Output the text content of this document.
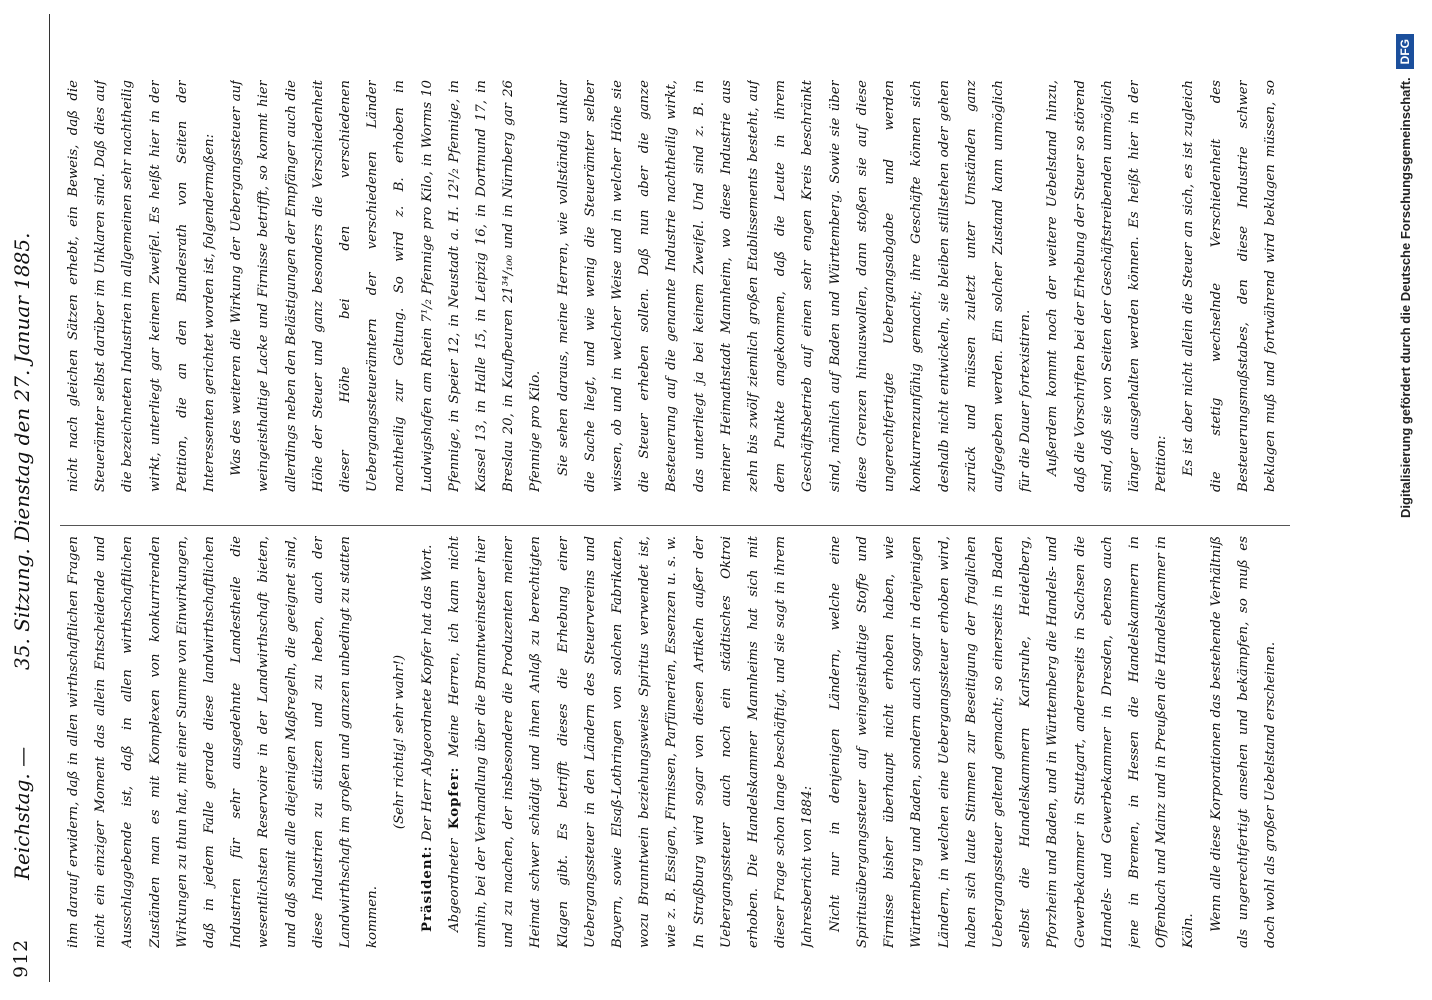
912
Reichstag. —
35. Sitzung. Dienstag den 27. Januar 1885.

ihm darauf erwidern, daß in allen wirthschaftlichen Fragen nicht ein einziger Moment das allein Entscheidende und Ausschlaggebende ist, daß in allen wirthschaftlichen Zuständen man es mit Komplexen von konkurrirenden Wirkungen zu thun hat, mit einer Summe von Einwirkungen, daß in jedem Falle gerade diese landwirthschaftlichen Industrien für sehr ausgedehnte Landestheile die wesentlichsten Reservoire in der Landwirthschaft bieten, und daß somit alle diejenigen Maßregeln, die geeignet sind, diese Industrien zu stützen und zu heben, auch der Landwirthschaft im großen und ganzen unbedingt zu statten kommen.

(Sehr richtig! sehr wahr!)

Präsident: Der Herr Abgeordnete Kopfer hat das Wort.

Abgeordneter Kopfer: Meine Herren, ich kann nicht umhin, bei der Verhandlung über die Branntweinsteuer hier und zu machen, der insbesondere die Produzenten meiner Heimat schwer schädigt und ihnen Anlaß zu berechtigten Klagen gibt. Es betrifft dieses die Erhebung einer Uebergangssteuer in den Ländern des Steuervereins und Bayern, sowie Elsaß-Lothringen von solchen Fabrikaten, wozu Branntwein beziehungsweise Spiritus verwendet ist, wie z. B. Essigen, Firnissen, Parfümerien, Essenzen u. s. w. In Straßburg wird sogar von diesen Artikeln außer der Uebergangssteuer auch noch ein städtisches Oktroi erhoben. Die Handelskammer Mannheims hat sich mit dieser Frage schon lange beschäftigt, und sie sagt in ihrem Jahresbericht von 1884: Nicht nur in denjenigen Ländern, welche eine Spiritusübergangssteuer auf weingeisthaltige Stoffe und Firnisse bisher überhaupt nicht erhoben haben, wie Württemberg und Baden, sondern auch sogar in denjenigen Ländern, in welchen eine Uebergangssteuer erhoben wird, haben sich laute Stimmen zur Beseitigung der fraglichen Uebergangssteuer geltend gemacht; so einerseits in Baden selbst die Handelskammern Karlsruhe, Heidelberg, Pforzheim und Baden, und in Württemberg die Handels- und Gewerbekammer in Stuttgart, andererseits in Sachsen die Handels- und Gewerbekammer in Dresden, ebenso auch jene in Bremen, in Hessen die Handelskammern in Offenbach und Mainz und in Preußen die Handelskammer in Köln. Wenn alle diese Korporationen das bestehende Verhältniß als ungerechtfertigt ansehen und bekämpfen, so muß es doch wohl als großer Uebelstand erscheinen.

nicht nach gleichen Sätzen erhebt, ein Beweis, daß die Steuerämter selbst darüber im Unklaren sind. Daß dies auf die bezeichneten Industrien im allgemeinen sehr nachtheilig wirkt, unterliegt gar keinem Zweifel. Es heißt hier in der Petition, die an den Bundesrath von Seiten der Interessenten gerichtet worden ist, folgendermaßen: Was des weiteren die Wirkung der Uebergangssteuer auf weingeisthaltige Lacke und Firnisse betrifft, so kommt hier allerdings neben den Belästigungen der Empfänger auch die Höhe der Steuer und ganz besonders die Verschiedenheit dieser Höhe bei den verschiedenen Uebergangssteuerämtern der verschiedenen Länder nachtheilig zur Geltung. So wird z. B. erhoben in Ludwigshafen am Rhein 7¹/₂ Pfennige pro Kilo, in Worms 10 Pfennige, in Speier 12, in Neustadt a. H. 12¹/₂ Pfennige, in Kassel 13, in Halle 15, in Leipzig 16, in Dortmund 17, in Breslau 20, in Kaufbeuren 21³⁴/₁₀₀ und in Nürnberg gar 26 Pfennige pro Kilo. Sie sehen daraus, meine Herren, wie vollständig unklar die Sache liegt, und wie wenig die Steuerämter selber wissen, ob und in welcher Weise und in welcher Höhe sie die Steuer erheben sollen. Daß nun aber die ganze Besteuerung auf die genannte Industrie nachtheilig wirkt, das unterliegt ja bei keinem Zweifel. Und sind z. B. in meiner Heimathstadt Mannheim, wo diese Industrie aus zehn bis zwölf ziemlich großen Etablissements besteht, auf dem Punkte angekommen, daß die Leute in ihrem Geschäftsbetrieb auf einen sehr engen Kreis beschränkt sind, nämlich auf Baden und Württemberg. Sowie sie über diese Grenzen hinauswollen, dann stoßen sie auf diese ungerechtfertigte Uebergangsabgabe und werden konkurrenzunfähig gemacht; ihre Geschäfte können sich deshalb nicht entwickeln, sie bleiben stillstehen oder gehen zurück und müssen zuletzt unter Umständen ganz aufgegeben werden. Ein solcher Zustand kann unmöglich für die Dauer fortexistiren. Außerdem kommt noch der weitere Uebelstand hinzu, daß die Vorschriften bei der Erhebung der Steuer so störend sind, daß sie von Seiten der Geschäftstreibenden unmöglich länger ausgehalten werden können. Es heißt hier in der Petition: Es ist aber nicht allein die Steuer an sich, es ist zugleich die stetig wechselnde Verschiedenheit des Besteuerungsmaßstabes, den diese Industrie schwer beklagen muß und fortwährend wird beklagen müssen, so	Digitalisierung gefördert durch die Deutsche Forschungsgemeinschaft.
DFG
